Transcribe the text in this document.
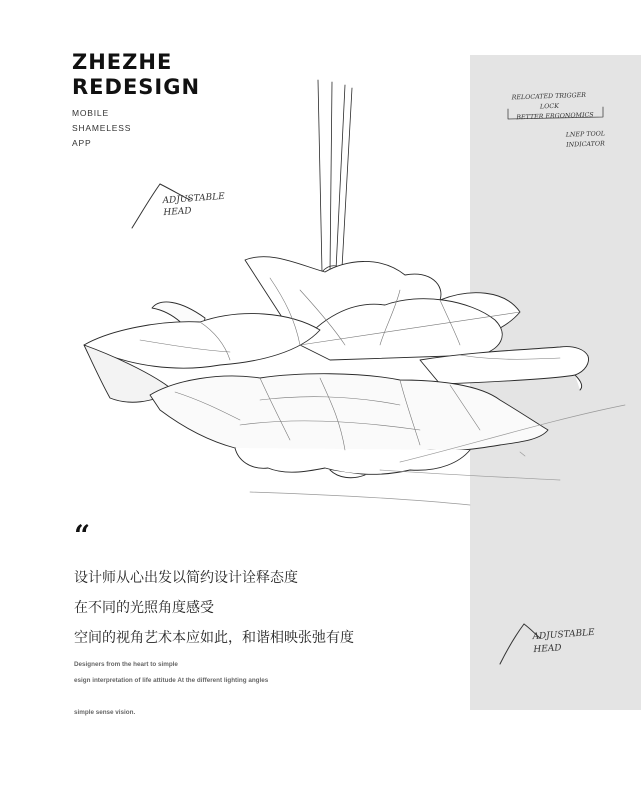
ZHEZHE
REDESIGN
MOBILE
SHAMELESS
APP
ADJUSTABLE
HEAD
RELOCATED TRIGGER
LOCK
BETTER ERGONOMICS
LNEP TOOL
INDICATOR
ADJUSTABLE
HEAD
“
设计师从心出发以简约设计诠释态度
在不同的光照角度感受
空间的视角艺术本应如此，和谐相映张弛有度
Designers from the heart to simple
esign interpretation of life attitude At the different lighting angles

simple sense vision.
